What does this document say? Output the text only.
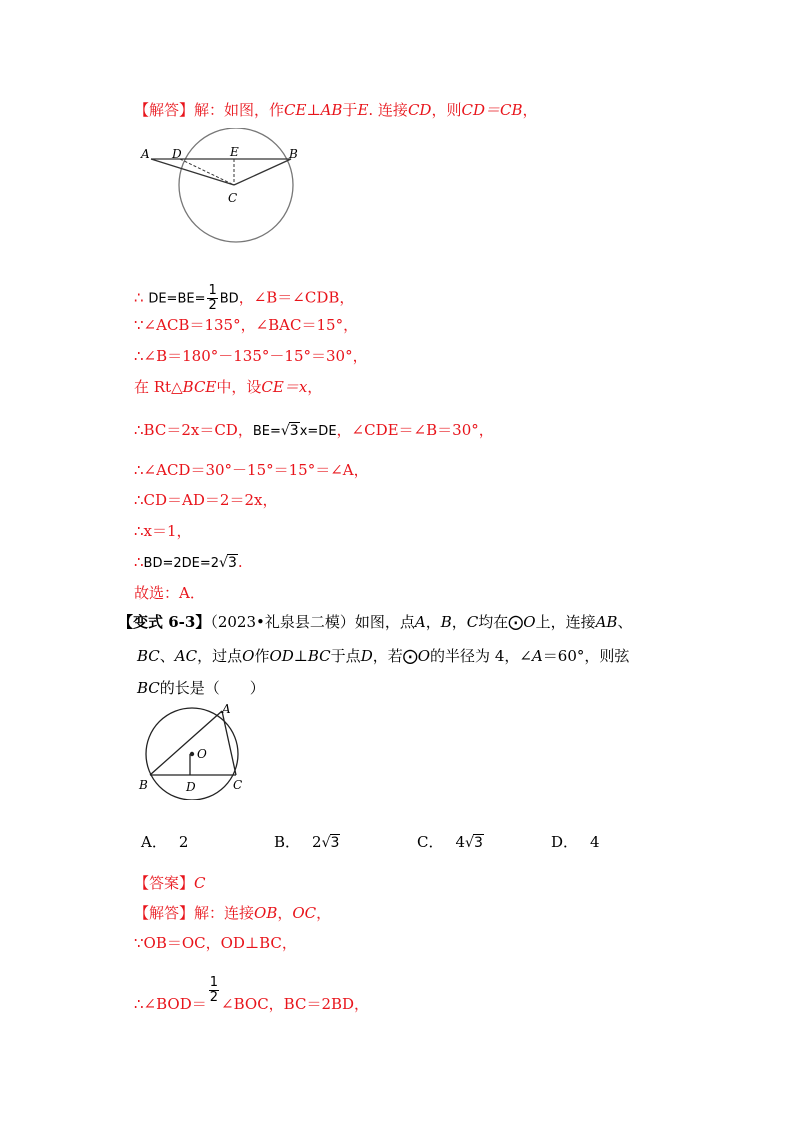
【解答】解：如图，作CE⊥AB于E. 连接CD，则CD＝CB，
A D	E	B
C
∴ $DE=BE= \frac{1}{2}$ BD，∠B＝∠CDB，
∵∠ACB＝135°，∠BAC＝15°，
∴∠B＝180°－135°－15°＝30°，
在 Rt△BCE中，设CE＝x，
∴BC＝2x＝CD，BE=√3x=DE，∠CDE＝∠B＝30°，
∴∠ACD＝30°－15°＝15°＝∠A，
∴CD＝AD＝2＝2x，
∴x＝1，
∴BD=2DE=2√3.
故选：A．
【变式 6-3】（2023•礼泉县二模）如图，点A，B，C均在⨀O上，连接AB、
BC、AC，过点O作OD⊥BC于点D，若⨀O的半径为 4，∠A＝60°，则弦
BC的长是（　　）
A
O
B	D	C
A． 2	B． 2√3	C． 4√3	D． 4
【答案】C
【解答】解：连接OB，OC，
∵OB＝OC，OD⊥BC，
∴∠BOD＝ $\frac{1}{2}$ ∠BOC，BC＝2BD，
